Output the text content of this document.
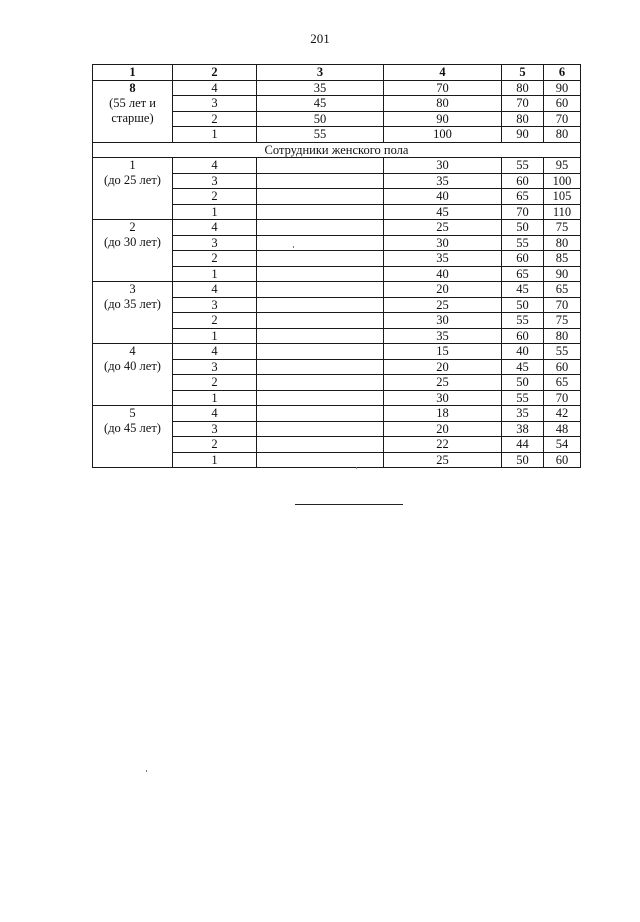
201
1	2	3	4	5	6

8
(55 лет и старше)	4	35	70	80	90
	3	45	80	70	60
	2	50	90	80	70
	1	55	100	90	80
Сотрудники женского пола					

1
(до 25 лет)	4		30	55	95
	3		35	60	100
	2		40	65	105
	1		45	70	110

2
(до 30 лет)	4		25	50	75
	3		30	55	80
	2		35	60	85
	1		40	65	90

3
(до 35 лет)	4		20	45	65
	3		25	50	70
	2		30	55	75
	1		35	60	80

4
(до 40 лет)	4		15	40	55
	3		20	45	60
	2		25	50	65
	1		30	55	70

5
(до 45 лет)	4		18	35	42
	3		20	38	48
	2		22	44	54
	1		25	50	60
